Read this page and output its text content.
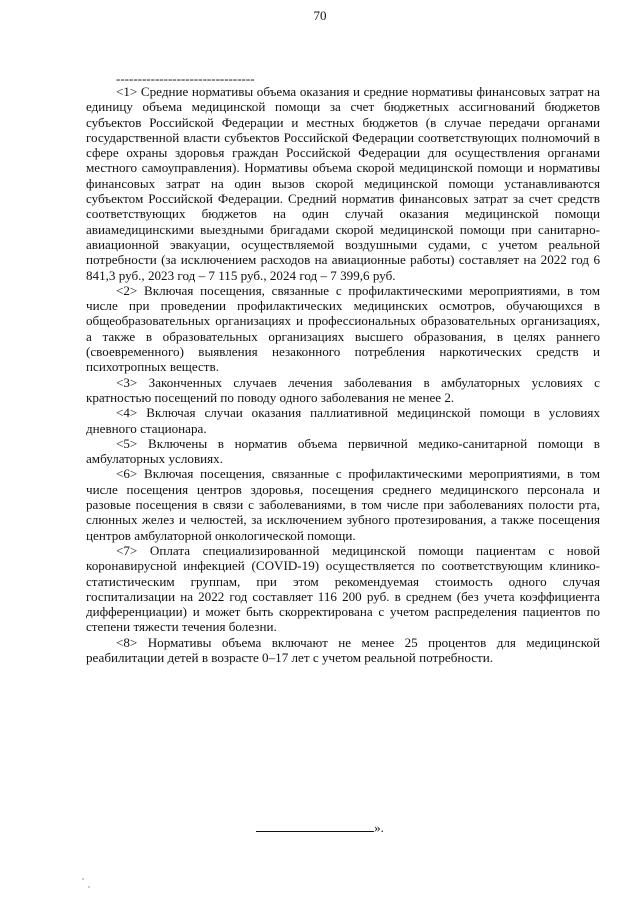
70
--------------------------------

<1> Средние нормативы объема оказания и средние нормативы финансовых затрат на единицу объема медицинской помощи за счет бюджетных ассигнований бюджетов субъектов Российской Федерации и местных бюджетов (в случае передачи органами государственной власти субъектов Российской Федерации соответствующих полномочий в сфере охраны здоровья граждан Российской Федерации для осуществления органами местного самоуправления). Нормативы объема скорой медицинской помощи и нормативы финансовых затрат на один вызов скорой медицинской помощи устанавливаются субъектом Российской Федерации. Средний норматив финансовых затрат за счет средств соответствующих бюджетов на один случай оказания медицинской помощи авиамедицинскими выездными бригадами скорой медицинской помощи при санитарно-авиационной эвакуации, осуществляемой воздушными судами, с учетом реальной потребности (за исключением расходов на авиационные работы) составляет на 2022 год 6 841,3 руб., 2023 год – 7 115 руб., 2024 год – 7 399,6 руб.

<2> Включая посещения, связанные с профилактическими мероприятиями, в том числе при проведении профилактических медицинских осмотров, обучающихся в общеобразовательных организациях и профессиональных образовательных организациях, а также в образовательных организациях высшего образования, в целях раннего (своевременного) выявления незаконного потребления наркотических средств и психотропных веществ.

<3> Законченных случаев лечения заболевания в амбулаторных условиях с кратностью посещений по поводу одного заболевания не менее 2.

<4> Включая случаи оказания паллиативной медицинской помощи в условиях дневного стационара.

<5> Включены в норматив объема первичной медико-санитарной помощи в амбулаторных условиях.

<6> Включая посещения, связанные с профилактическими мероприятиями, в том числе посещения центров здоровья, посещения среднего медицинского персонала и разовые посещения в связи с заболеваниями, в том числе при заболеваниях полости рта, слюнных желез и челюстей, за исключением зубного протезирования, а также посещения центров амбулаторной онкологической помощи.

<7> Оплата специализированной медицинской помощи пациентам с новой коронавирусной инфекцией (COVID-19) осуществляется по соответствующим клинико-статистическим группам, при этом рекомендуемая стоимость одного случая госпитализации на 2022 год составляет 116 200 руб. в среднем (без учета коэффициента дифференциации) и может быть скорректирована с учетом распределения пациентов по степени тяжести течения болезни.

<8> Нормативы объема включают не менее 25 процентов для медицинской реабилитации детей в возрасте 0–17 лет с учетом реальной потребности.

».
